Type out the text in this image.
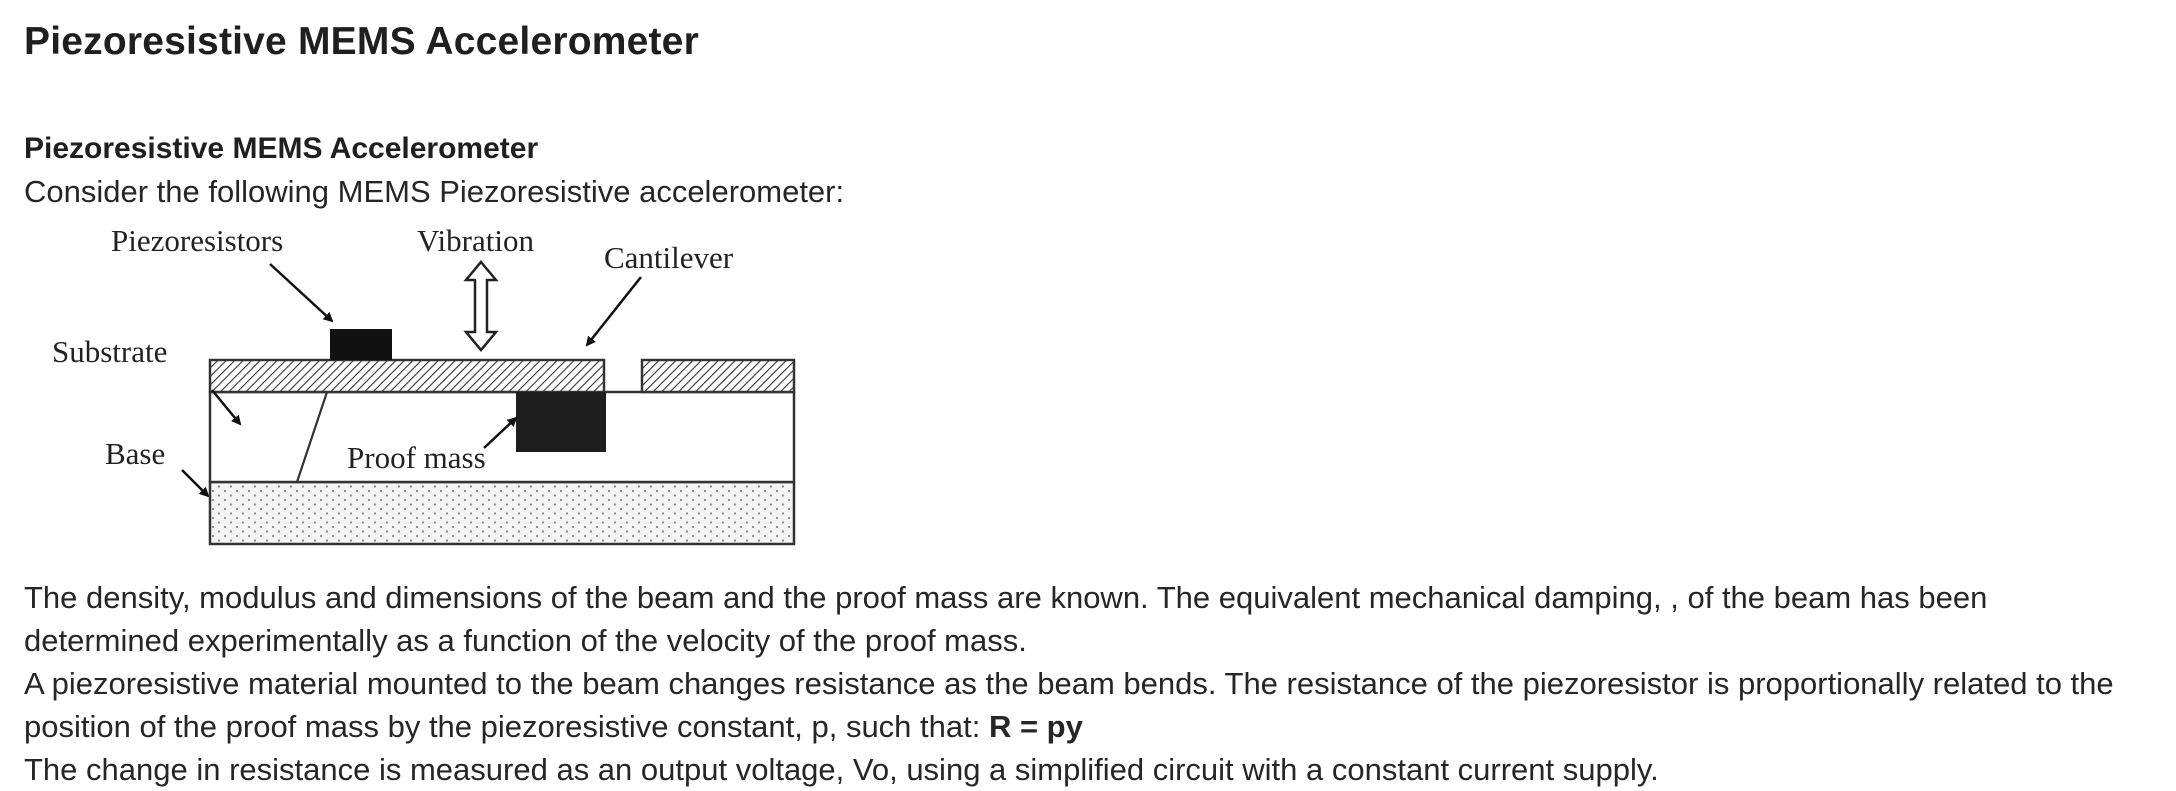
Piezoresistive MEMS Accelerometer
Piezoresistive MEMS Accelerometer
Consider the following MEMS Piezoresistive accelerometer:
Piezoresistors	Vibration Cantilever
Substrate
Base	Proof mass
The density, modulus and dimensions of the beam and the proof mass are known. The equivalent mechanical damping, , of the beam has been determined experimentally as a function of the velocity of the proof mass.
A piezoresistive material mounted to the beam changes resistance as the beam bends. The resistance of the piezoresistor is proportionally related to the position of the proof mass by the piezoresistive constant, p, such that: R = py
The change in resistance is measured as an output voltage, Vo, using a simplified circuit with a constant current supply.
